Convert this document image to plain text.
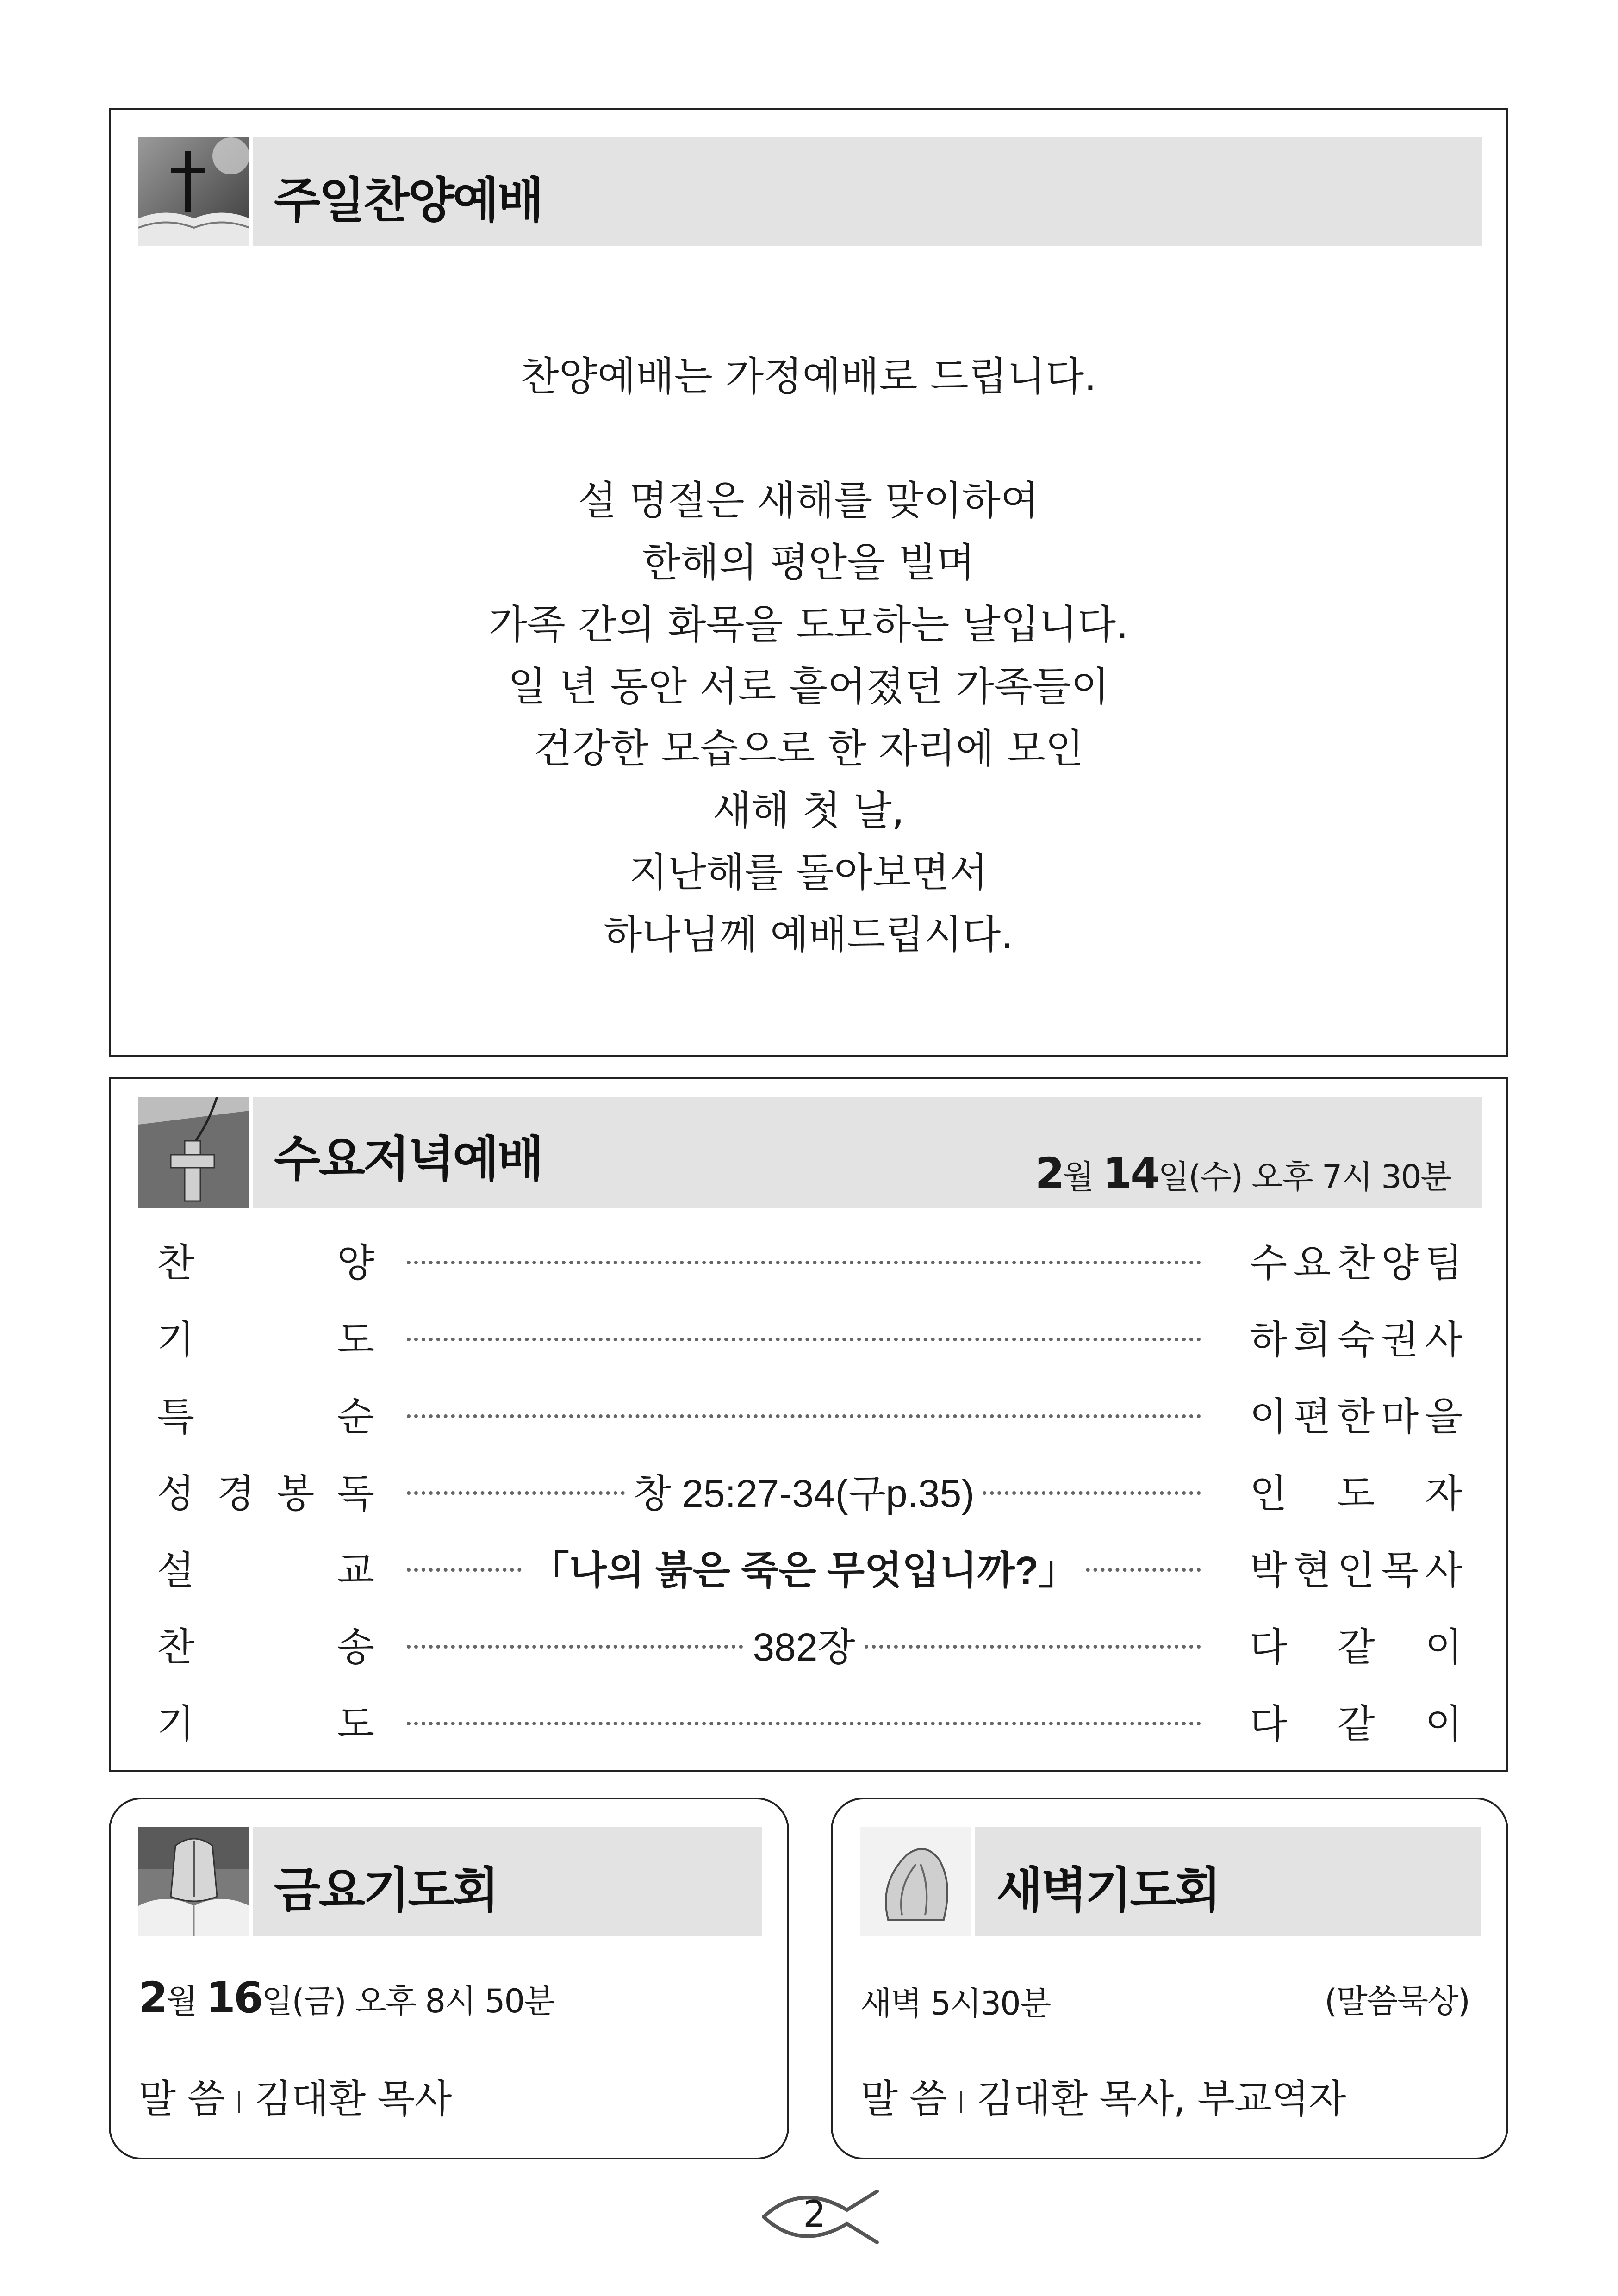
주일찬양예배

찬양예배는 가정예배로 드립니다.

설 명절은 새해를 맞이하여

한해의 평안을 빌며

가족 간의 화목을 도모하는 날입니다.

일 년 동안 서로 흩어졌던 가족들이

건강한 모습으로 한 자리에 모인

새해 첫 날,

지난해를 돌아보면서

하나님께 예배드립시다.

수요저녁예배	2월 14일(수) 오후 7시 30분
찬	양	수 요 찬 양 팀
기	도	하 희 숙 권 사
특	순	이 편 한 마 을
성 경 봉 독	창 25:27-34(구p.35)	인 도 자
설	교	「나의 붉은 죽은 무엇입니까?」	박 현 인 목 사
찬	송	382장	다 같 이
기	도	다 같 이
금요기도회
2월 16일(금) 오후 8시 50분
말 씀 김대환 목사
새벽기도회
새벽 5시30분	(말씀묵상)
말 씀 김대환 목사, 부교역자
2
